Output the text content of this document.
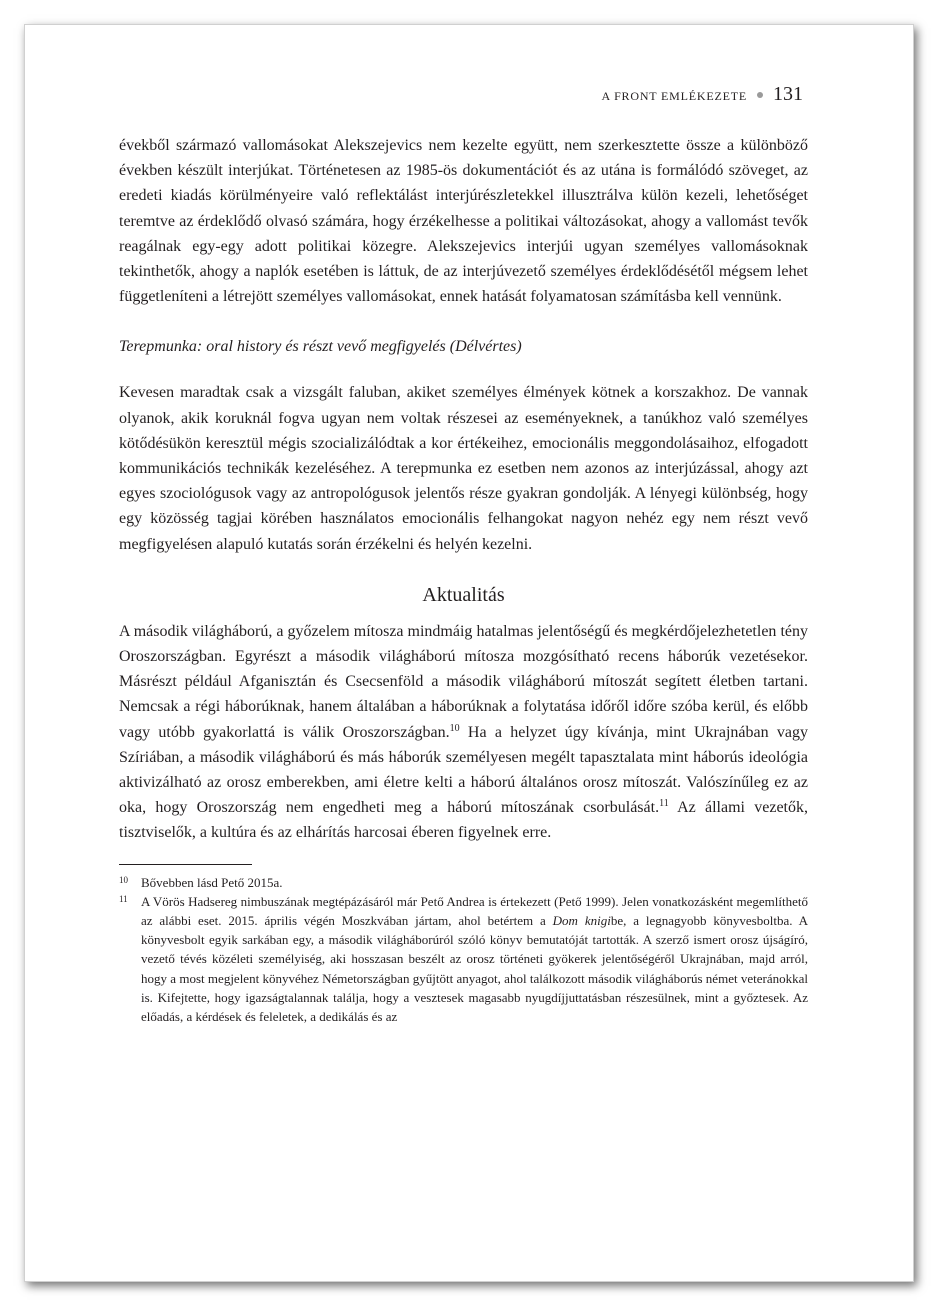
A FRONT EMLÉKEZETE 131

évekből származó vallomásokat Alekszejevics nem kezelte együtt, nem szerkesztette össze a különböző években készült interjúkat. Történetesen az 1985-ös dokumentációt és az utána is formálódó szöveget, az eredeti kiadás körülményeire való reflektálást interjúrészletekkel illusztrálva külön kezeli, lehetőséget teremtve az érdeklődő olvasó számára, hogy érzékelhesse a politikai változásokat, ahogy a vallomást tevők reagálnak egy-egy adott politikai közegre. Alekszejevics interjúi ugyan személyes vallomásoknak tekinthetők, ahogy a naplók esetében is láttuk, de az interjúvezető személyes érdeklődésétől mégsem lehet függetleníteni a létrejött személyes vallomásokat, ennek hatását folyamatosan számításba kell vennünk.

Terepmunka: oral history és részt vevő megfigyelés (Délvértes)

Kevesen maradtak csak a vizsgált faluban, akiket személyes élmények kötnek a korszakhoz. De vannak olyanok, akik koruknál fogva ugyan nem voltak részesei az eseményeknek, a tanúkhoz való személyes kötődésükön keresztül mégis szocializálódtak a kor értékeihez, emocionális meggondolásaihoz, elfogadott kommunikációs technikák kezeléséhez. A terepmunka ez esetben nem azonos az interjúzással, ahogy azt egyes szociológusok vagy az antropológusok jelentős része gyakran gondolják. A lényegi különbség, hogy egy közösség tagjai körében használatos emocionális felhangokat nagyon nehéz egy nem részt vevő megfigyelésen alapuló kutatás során érzékelni és helyén kezelni.

Aktualitás

A második világháború, a győzelem mítosza mindmáig hatalmas jelentőségű és megkérdőjelezhetetlen tény Oroszországban. Egyrészt a második világháború mítosza mozgósítható recens háborúk vezetésekor. Másrészt például Afganisztán és Csecsenföld a második világháború mítoszát segített életben tartani. Nemcsak a régi háborúknak, hanem általában a háborúknak a folytatása időről időre szóba kerül, és előbb vagy utóbb gyakorlattá is válik Oroszországban.$^{10}$ Ha a helyzet úgy kívánja, mint Ukrajnában vagy Szíriában, a második világháború és más háborúk személyesen megélt tapasztalata mint háborús ideológia aktivizálható az orosz emberekben, ami életre kelti a háború általános orosz mítoszát. Valószínűleg ez az oka, hogy Oroszország nem engedheti meg a háború mítoszának csorbulását.$^{11}$ Az állami vezetők, tisztviselők, a kultúra és az elhárítás harcosai éberen figyelnek erre.

10	Bővebben lásd Pető 2015a.
11	A Vörös Hadsereg nimbuszának megtépázásáról már Pető Andrea is értekezett (Pető 1999). Jelen vonatkozásként megemlíthető az alábbi eset. 2015. április végén Moszkvában jártam, ahol betértem a Dom knigibe, a legnagyobb könyvesboltba. A könyvesbolt egyik sarkában egy, a második világháborúról szóló könyv bemutatóját tartották. A szerző ismert orosz újságíró, vezető tévés közéleti személyiség, aki hosszasan beszélt az orosz történeti gyökerek jelentőségéről Ukrajnában, majd arról, hogy a most megjelent könyvéhez Németországban gyűjtött anyagot, ahol találkozott második világháborús német veteránokkal is. Kifejtette, hogy igazságtalannak találja, hogy a vesztesek magasabb nyugdíjjuttatásban részesülnek, mint a győztesek. Az előadás, a kérdések és feleletek, a dedikálás és az
